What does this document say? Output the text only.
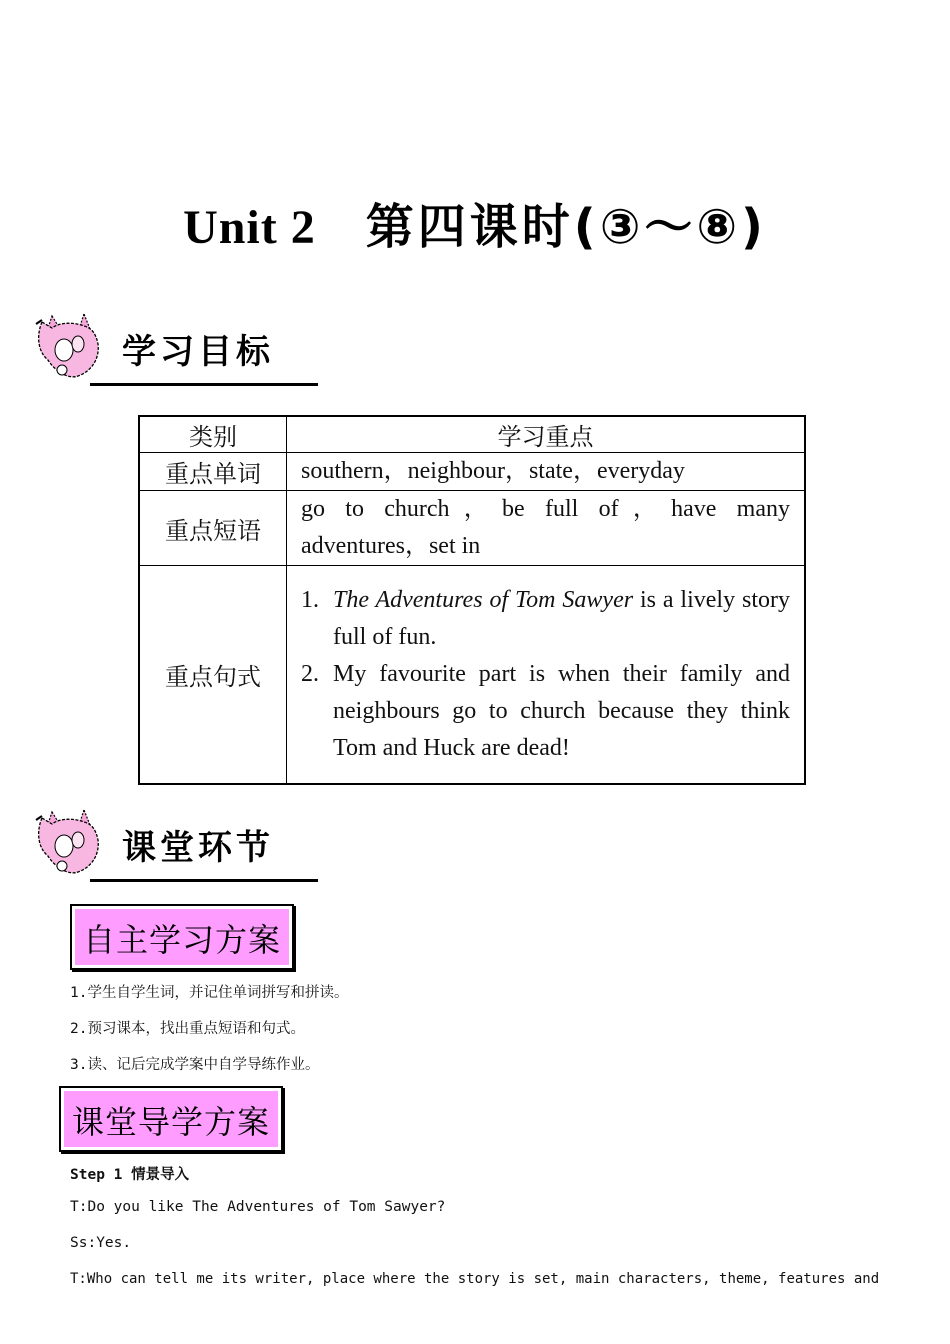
Unit 2 第四课时(③～⑧)
学习目标
类别	学习重点
重点单词	southern，neighbour，state，everyday
重点短语	go to church，be full of，have many adventures，set in
重点句式	1. The Adventures of Tom Sawyer is a lively story full of fun.
2. My favourite part is when their family and neighbours go to church because they think Tom and Huck are dead!
课堂环节
自主学习方案
1.学生自学生词，并记住单词拼写和拼读。
2.预习课本，找出重点短语和句式。
3.读、记后完成学案中自学导练作业。
课堂导学方案
Step 1 情景导入
T:Do you like The Adventures of Tom Sawyer?
Ss:Yes.
T:Who can tell me its writer, place where the story is set, main characters, theme, features and
